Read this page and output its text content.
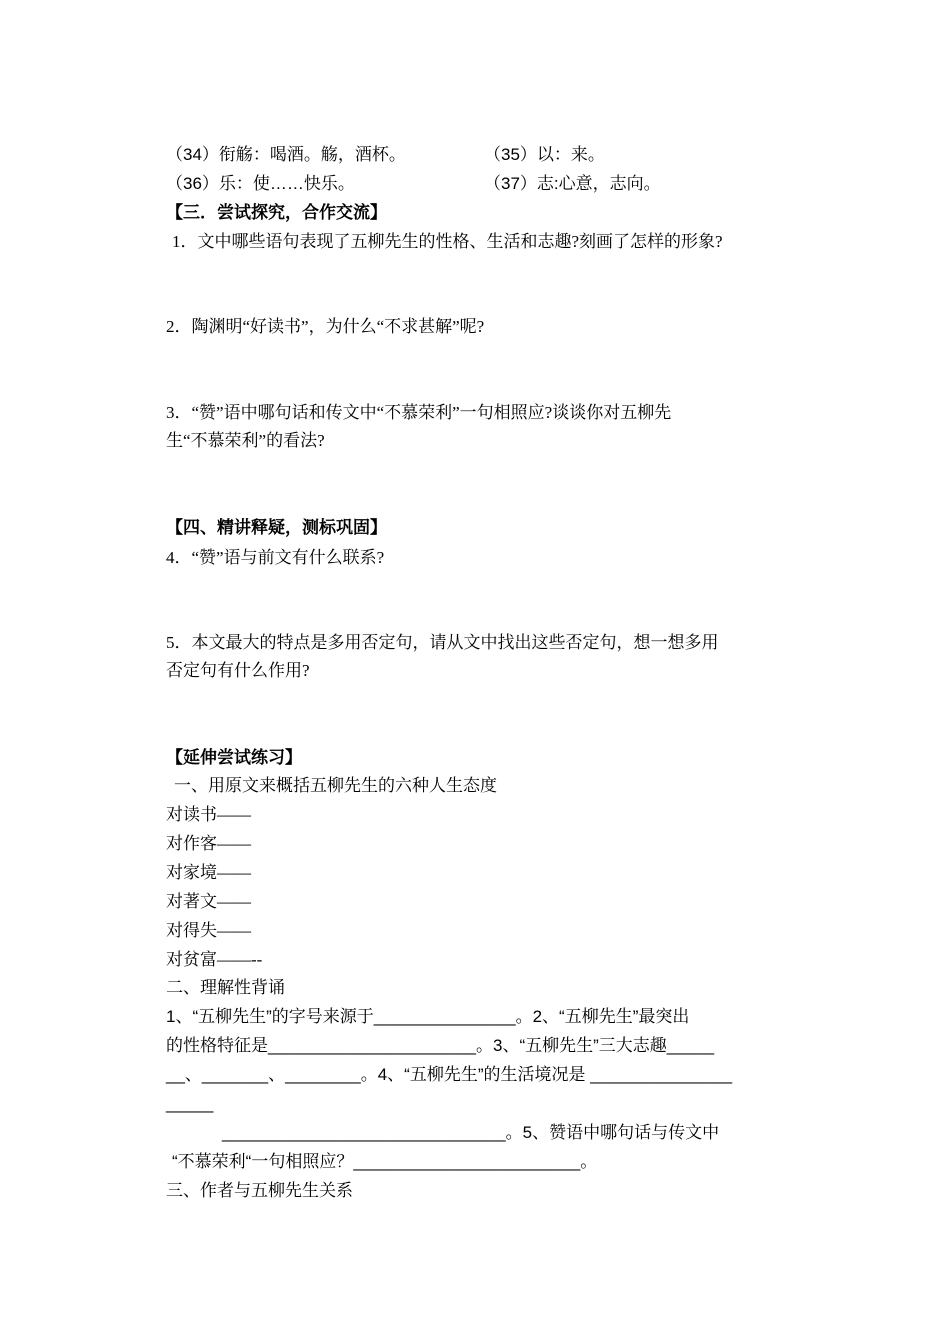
（34）衔觞：喝酒。觞，酒杯。	（35）以：来。
（36）乐：使……快乐。	（37）志:心意，志向。
【三．尝试探究，合作交流】
1．文中哪些语句表现了五柳先生的性格、生活和志趣?刻画了怎样的形象?
2．陶渊明“好读书”，为什么“不求甚解”呢?
3．“赞”语中哪句话和传文中“不慕荣利”一句相照应?谈谈你对五柳先
生“不慕荣利”的看法?
【四、精讲释疑，测标巩固】
4．“赞”语与前文有什么联系?
5．本文最大的特点是多用否定句，请从文中找出这些否定句，想一想多用
否定句有什么作用?
【延伸尝试练习】
一、用原文来概括五柳先生的六种人生态度
对读书——
对作客——
对家境——
对著文——
对得失——
对贫富——--
二、理解性背诵
1、“五柳先生”的字号来源于_______________。2、“五柳先生”最突出
的性格特征是______________________。3、“五柳先生”三大志趣_____
__、_______、________。4、“五柳先生”的生活境况是 _______________
_____
______________________________。5、赞语中哪句话与传文中
“不慕荣利“一句相照应？________________________。
三、作者与五柳先生关系
